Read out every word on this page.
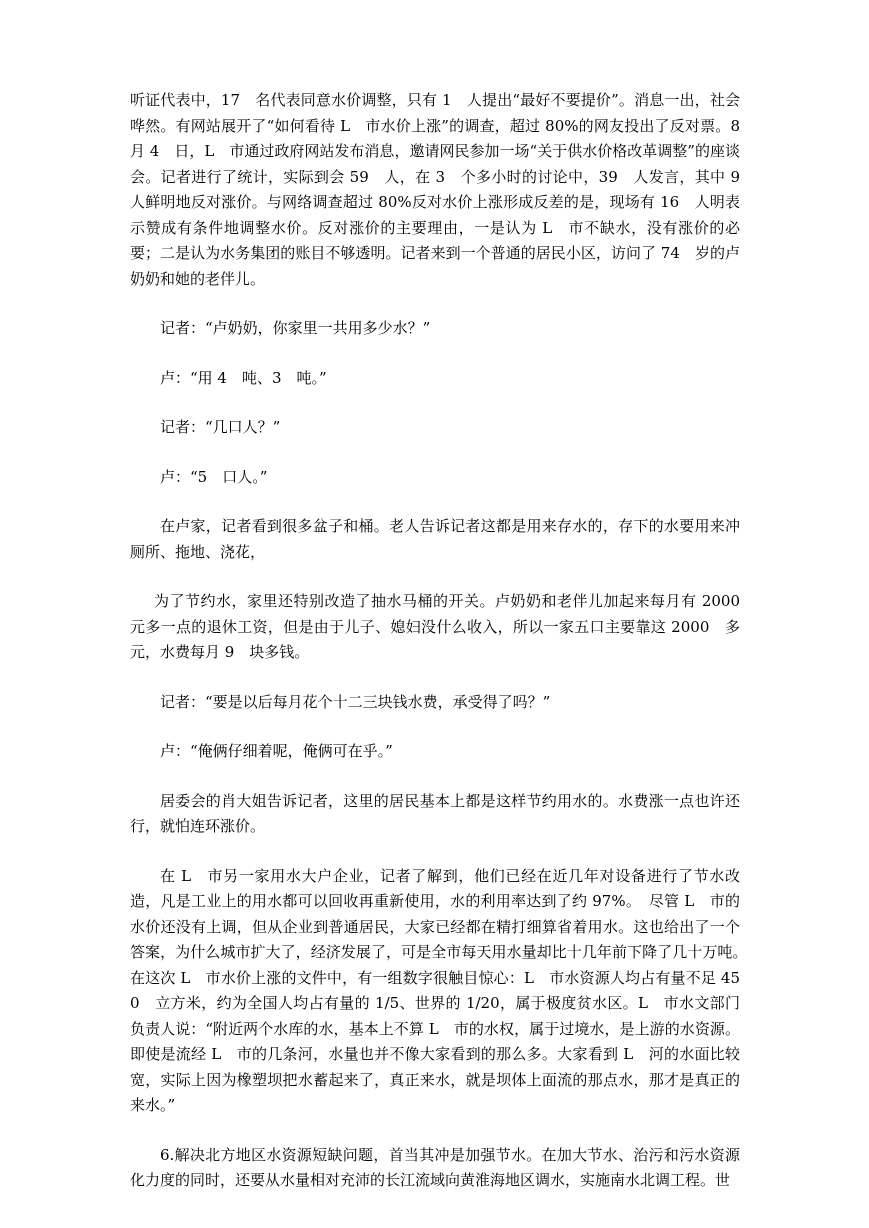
听证代表中，17　名代表同意水价调整，只有 1　人提出“最好不要提价”。消息一出，社会哗然。有网站展开了“如何看待 L　市水价上涨”的调查，超过 80%的网友投出了反对票。8　月 4　日，L　市通过政府网站发布消息，邀请网民参加一场“关于供水价格改革调整”的座谈会。记者进行了统计，实际到会 59　人，在 3　个多小时的讨论中，39　人发言，其中 9　人鲜明地反对涨价。与网络调查超过 80%反对水价上涨形成反差的是，现场有 16　人明表示赞成有条件地调整水价。反对涨价的主要理由，一是认为 L　市不缺水，没有涨价的必要；二是认为水务集团的账目不够透明。记者来到一个普通的居民小区，访问了 74　岁的卢奶奶和她的老伴儿。

记者：“卢奶奶，你家里一共用多少水？”

卢：“用 4　吨、3　吨。”

记者：“几口人？”

卢：“5　口人。”

在卢家，记者看到很多盆子和桶。老人告诉记者这都是用来存水的，存下的水要用来冲厕所、拖地、浇花，

为了节约水，家里还特别改造了抽水马桶的开关。卢奶奶和老伴儿加起来每月有 2000　元多一点的退休工资，但是由于儿子、媳妇没什么收入，所以一家五口主要靠这 2000　多元，水费每月 9　块多钱。

记者：“要是以后每月花个十二三块钱水费，承受得了吗？”

卢：“俺俩仔细着呢，俺俩可在乎。”

居委会的肖大姐告诉记者，这里的居民基本上都是这样节约用水的。水费涨一点也许还行，就怕连环涨价。

在 L　市另一家用水大户企业，记者了解到，他们已经在近几年对设备进行了节水改造，凡是工业上的用水都可以回收再重新使用，水的利用率达到了约 97%。　尽管 L　市的水价还没有上调，但从企业到普通居民，大家已经都在精打细算省着用水。这也给出了一个答案，为什么城市扩大了，经济发展了，可是全市每天用水量却比十几年前下降了几十万吨。　在这次 L　市水价上涨的文件中，有一组数字很触目惊心：L　市水资源人均占有量不足 450　立方米，约为全国人均占有量的 1/5、世界的 1/20，属于极度贫水区。L　市水文部门负责人说：“附近两个水库的水，基本上不算 L　市的水权，属于过境水，是上游的水资源。即使是流经 L　市的几条河，水量也并不像大家看到的那么多。大家看到 L　河的水面比较宽，实际上因为橡塑坝把水蓄起来了，真正来水，就是坝体上面流的那点水，那才是真正的来水。”

6.解决北方地区水资源短缺问题，首当其冲是加强节水。在加大节水、治污和污水资源化力度的同时，还要从水量相对充沛的长江流域向黄淮海地区调水，实施南水北调工程。世
